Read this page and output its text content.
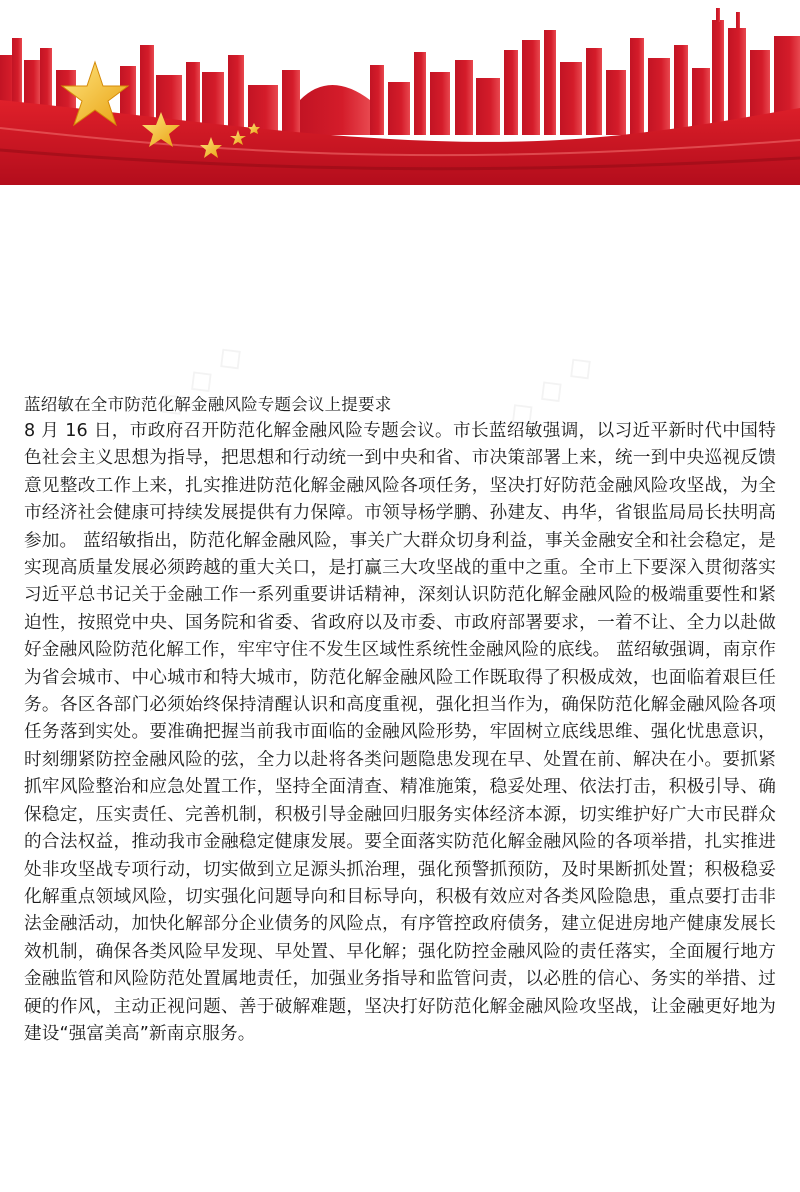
◇ ◇ ◇	◇ ◇ ◇
蓝绍敏在全市防范化解金融风险专题会议上提要求

8 月 16 日，市政府召开防范化解金融风险专题会议。市长蓝绍敏强调，以习近平新时代中国特色社会主义思想为指导，把思想和行动统一到中央和省、市决策部署上来，统一到中央巡视反馈意见整改工作上来，扎实推进防范化解金融风险各项任务，坚决打好防范金融风险攻坚战，为全市经济社会健康可持续发展提供有力保障。市领导杨学鹏、孙建友、冉华，省银监局局长扶明高参加。 蓝绍敏指出，防范化解金融风险，事关广大群众切身利益，事关金融安全和社会稳定，是实现高质量发展必须跨越的重大关口，是打赢三大攻坚战的重中之重。全市上下要深入贯彻落实习近平总书记关于金融工作一系列重要讲话精神，深刻认识防范化解金融风险的极端重要性和紧迫性，按照党中央、国务院和省委、省政府以及市委、市政府部署要求，一着不让、全力以赴做好金融风险防范化解工作，牢牢守住不发生区域性系统性金融风险的底线。 蓝绍敏强调，南京作为省会城市、中心城市和特大城市，防范化解金融风险工作既取得了积极成效，也面临着艰巨任务。各区各部门必须始终保持清醒认识和高度重视，强化担当作为，确保防范化解金融风险各项任务落到实处。要准确把握当前我市面临的金融风险形势，牢固树立底线思维、强化忧患意识，时刻绷紧防控金融风险的弦，全力以赴将各类问题隐患发现在早、处置在前、解决在小。要抓紧抓牢风险整治和应急处置工作，坚持全面清查、精准施策，稳妥处理、依法打击，积极引导、确保稳定，压实责任、完善机制，积极引导金融回归服务实体经济本源，切实维护好广大市民群众的合法权益，推动我市金融稳定健康发展。要全面落实防范化解金融风险的各项举措，扎实推进处非攻坚战专项行动，切实做到立足源头抓治理，强化预警抓预防，及时果断抓处置；积极稳妥化解重点领域风险，切实强化问题导向和目标导向，积极有效应对各类风险隐患，重点要打击非法金融活动，加快化解部分企业债务的风险点，有序管控政府债务，建立促进房地产健康发展长效机制，确保各类风险早发现、早处置、早化解；强化防控金融风险的责任落实，全面履行地方金融监管和风险防范处置属地责任，加强业务指导和监管问责，以必胜的信心、务实的举措、过硬的作风，主动正视问题、善于破解难题，坚决打好防范化解金融风险攻坚战，让金融更好地为建设“强富美高”新南京服务。
